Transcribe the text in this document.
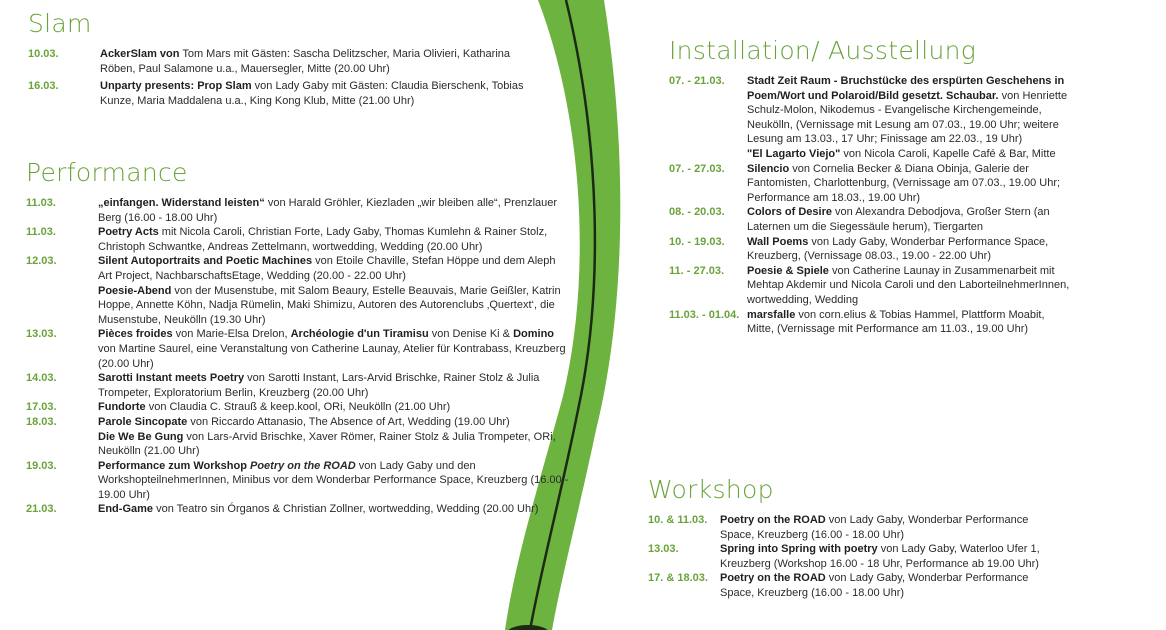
Slam
10.03.	AckerSlam von Tom Mars mit Gästen: Sascha Delitzscher, Maria Olivieri, Katharina Röben, Paul Salamone u.a., Mauersegler, Mitte (20.00 Uhr)
16.03.	Unparty presents: Prop Slam von Lady Gaby mit Gästen: Claudia Bierschenk, Tobias Kunze, Maria Maddalena u.a., King Kong Klub, Mitte (21.00 Uhr)
Performance
11.03.	„einfangen. Widerstand leisten“ von Harald Gröhler, Kiezladen „wir bleiben alle“, Prenzlauer Berg (16.00 - 18.00 Uhr)
11.03.	Poetry Acts mit Nicola Caroli, Christian Forte, Lady Gaby, Thomas Kumlehn & Rainer Stolz, Christoph Schwantke, Andreas Zettelmann, wortwedding, Wedding (20.00 Uhr)
12.03.	Silent Autoportraits and Poetic Machines von Etoile Chaville, Stefan Höppe und dem Aleph Art Project, NachbarschaftsEtage, Wedding (20.00 - 22.00 Uhr)
Poesie-Abend von der Musenstube, mit Salom Beaury, Estelle Beauvais, Marie Geißler, Katrin Hoppe, Annette Köhn, Nadja Rümelin, Maki Shimizu, Autoren des Autorenclubs ‚Quertext‘, die Musenstube, Neukölln (19.30 Uhr)
13.03.	Pièces froides von Marie-Elsa Drelon, Archéologie d'un Tiramisu von Denise Ki & Domino von Martine Saurel, eine Veranstaltung von Catherine Launay, Atelier für Kontrabass, Kreuzberg (20.00 Uhr)
14.03.	Sarotti Instant meets Poetry von Sarotti Instant, Lars-Arvid Brischke, Rainer Stolz & Julia Trompeter, Exploratorium Berlin, Kreuzberg (20.00 Uhr)
17.03.	Fundorte von Claudia C. Strauß & keep.kool, ORi, Neukölln (21.00 Uhr)
18.03.	Parole Sincopate von Riccardo Attanasio, The Absence of Art, Wedding (19.00 Uhr)
Die We Be Gung von Lars-Arvid Brischke, Xaver Römer, Rainer Stolz & Julia Trompeter, ORi, Neukölln (21.00 Uhr)
19.03.	Performance zum Workshop Poetry on the ROAD von Lady Gaby und den WorkshopteilnehmerInnen, Minibus vor dem Wonderbar Performance Space, Kreuzberg (16.00 - 19.00 Uhr)
21.03.	End-Game von Teatro sin Órganos & Christian Zollner, wortwedding, Wedding (20.00 Uhr)
Installation/ Ausstellung
07. - 21.03. Stadt Zeit Raum - Bruchstücke des erspürten Geschehens in Poem/Wort und Polaroid/Bild gesetzt. Schaubar. von Henriette Schulz-Molon, Nikodemus - Evangelische Kirchengemeinde, Neukölln, (Vernissage mit Lesung am 07.03., 19.00 Uhr; weitere Lesung am 13.03., 17 Uhr; Finissage am 22.03., 19 Uhr)
"El Lagarto Viejo" von Nicola Caroli, Kapelle Café & Bar, Mitte
07. - 27.03. Silencio von Cornelia Becker & Diana Obinja, Galerie der Fantomisten, Charlottenburg, (Vernissage am 07.03., 19.00 Uhr; Performance am 18.03., 19.00 Uhr)
08. - 20.03. Colors of Desire von Alexandra Debodjova, Großer Stern (an Laternen um die Siegessäule herum), Tiergarten
10. - 19.03. Wall Poems von Lady Gaby, Wonderbar Performance Space, Kreuzberg, (Vernissage 08.03., 19.00 - 22.00 Uhr)
11. - 27.03. Poesie & Spiele von Catherine Launay in Zusammenarbeit mit Mehtap Akdemir und Nicola Caroli und den LaborteilnehmerInnen, wortwedding, Wedding
11.03. - 01.04. marsfalle von corn.elius & Tobias Hammel, Plattform Moabit, Mitte, (Vernissage mit Performance am 11.03., 19.00 Uhr)
Workshop
10. & 11.03. Poetry on the ROAD von Lady Gaby, Wonderbar Performance Space, Kreuzberg (16.00 - 18.00 Uhr)
13.03.	Spring into Spring with poetry von Lady Gaby, Waterloo Ufer 1, Kreuzberg (Workshop 16.00 - 18 Uhr, Performance ab 19.00 Uhr)
17. & 18.03. Poetry on the ROAD von Lady Gaby, Wonderbar Performance Space, Kreuzberg (16.00 - 18.00 Uhr)
